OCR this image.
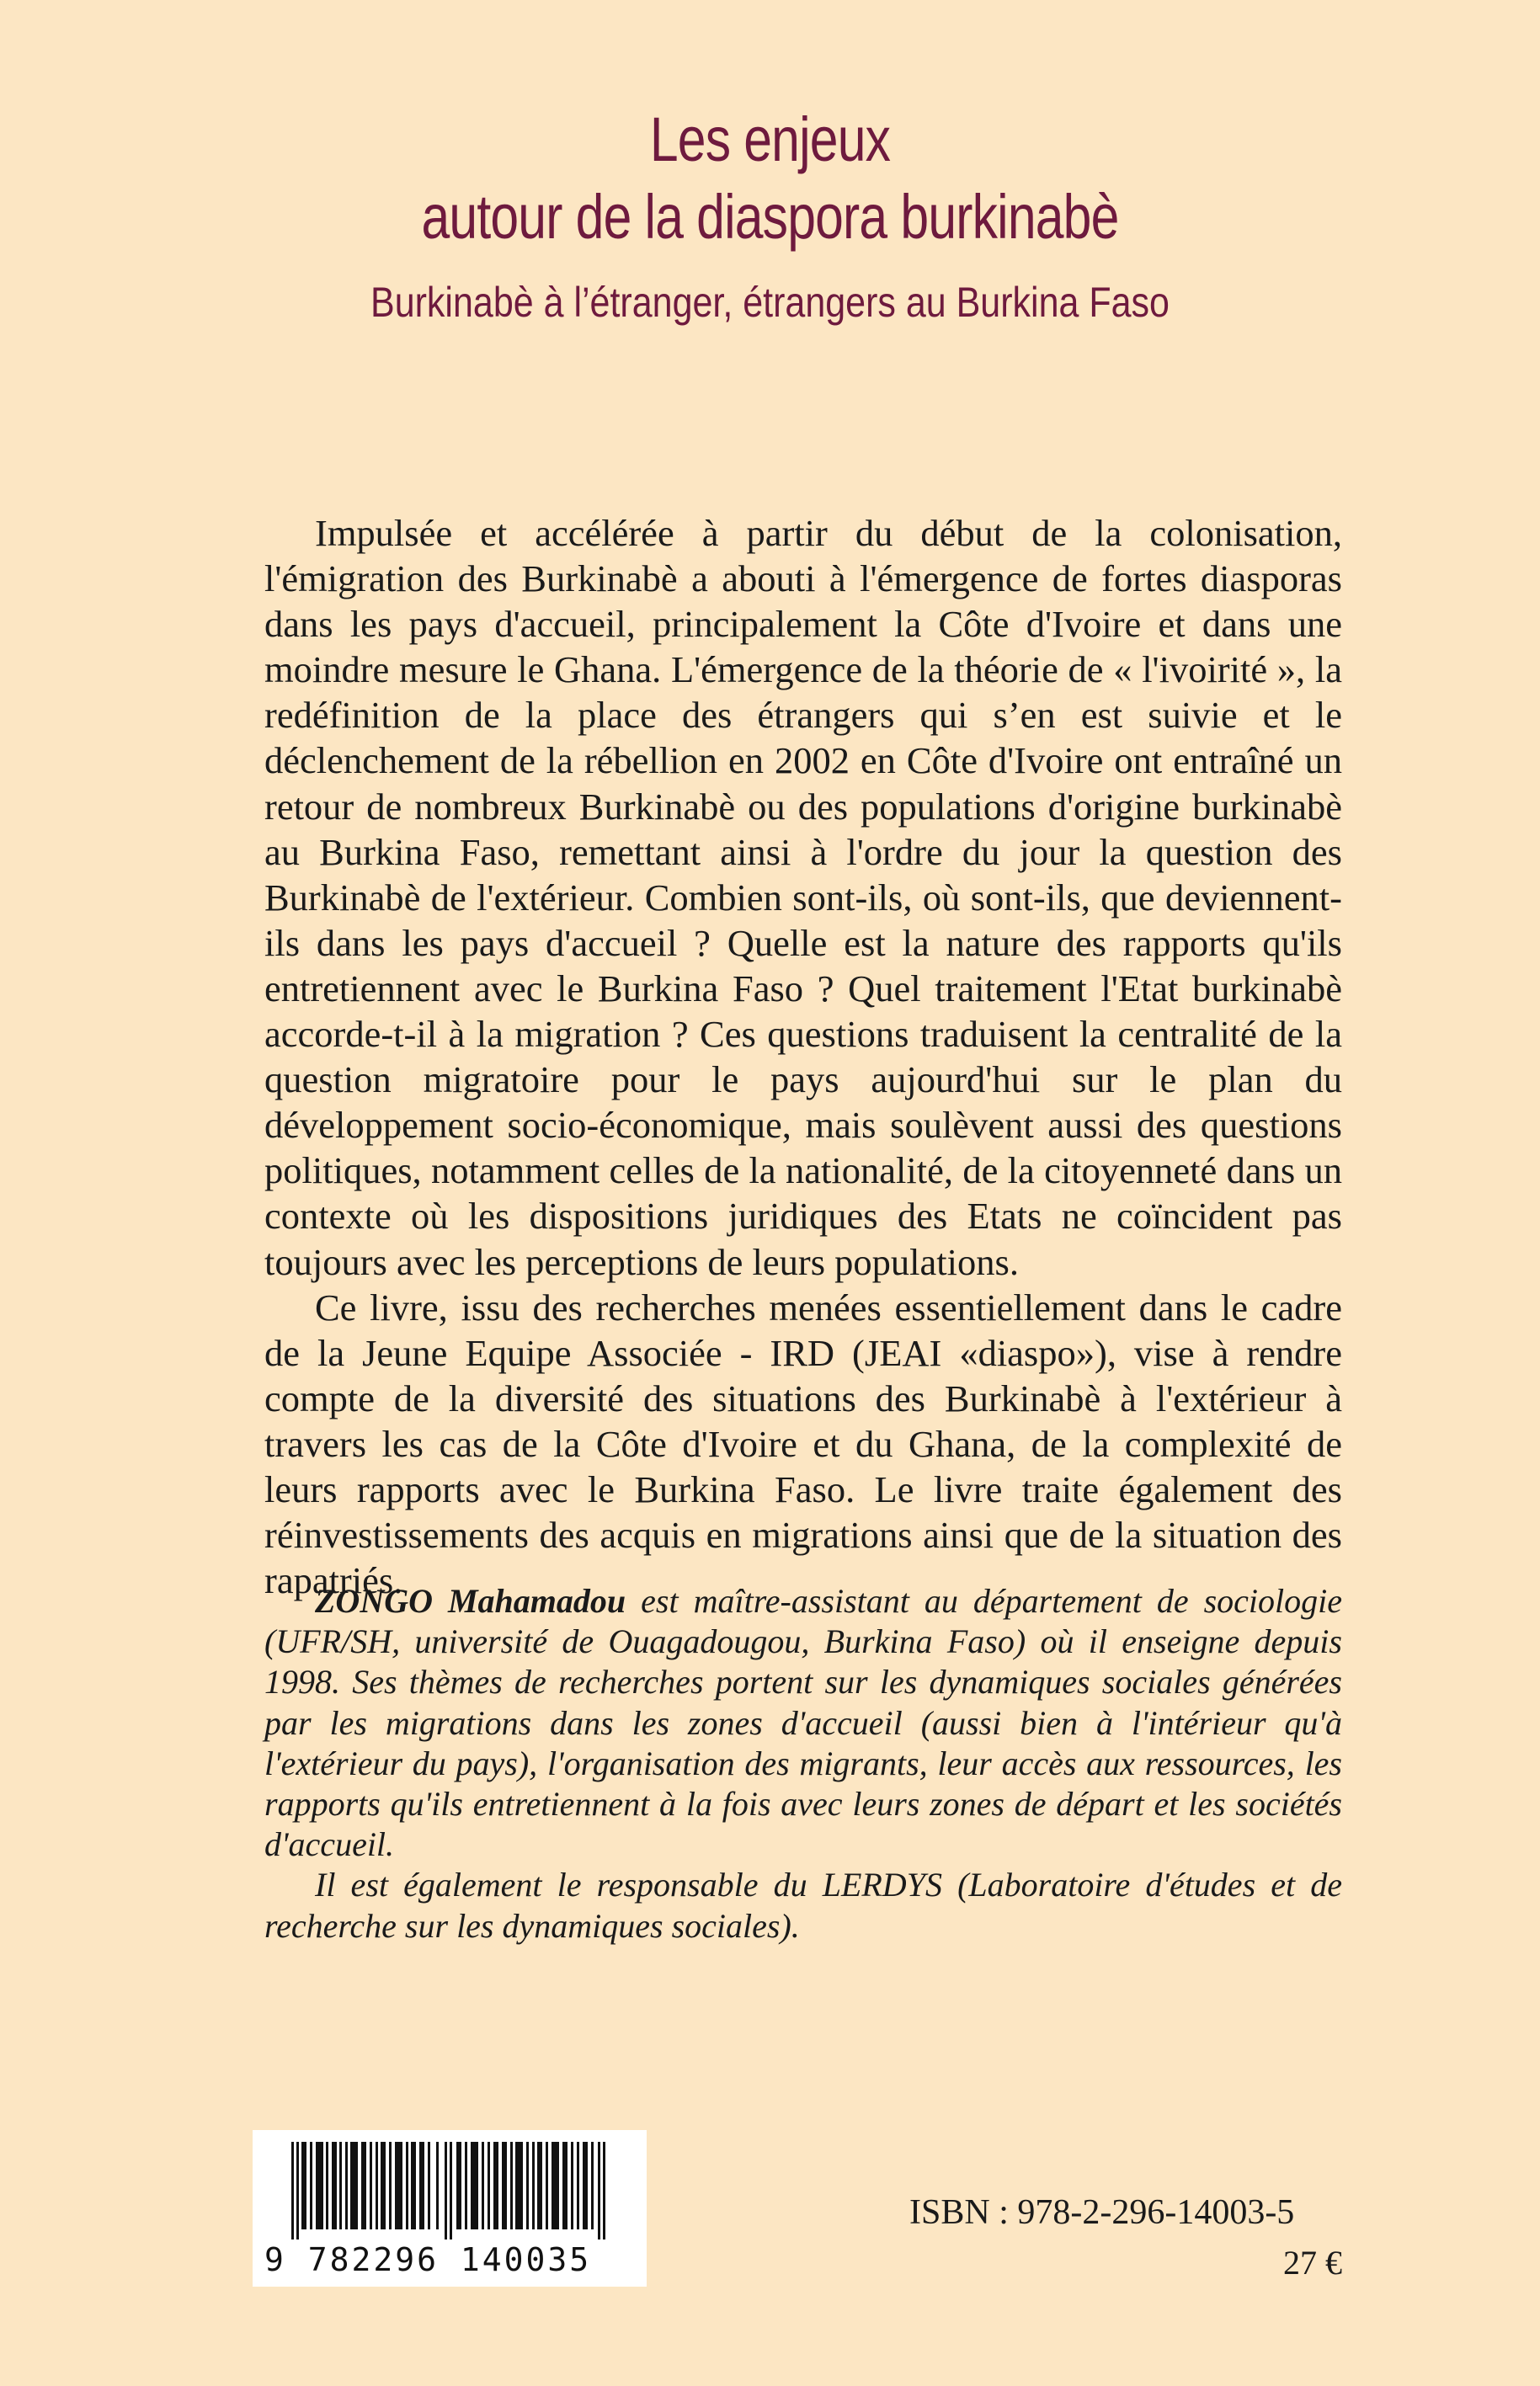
Les enjeux
autour de la diaspora burkinabè
Burkinabè à l’étranger, étrangers au Burkina Faso

Impulsée et accélérée à partir du début de la colonisation, l'émigration des Burkinabè a abouti à l'émergence de fortes diasporas dans les pays d'accueil, principalement la Côte d'Ivoire et dans une moindre mesure le Ghana. L'émergence de la théorie de « l'ivoirité », la redéfinition de la place des étrangers qui s’en est suivie et le déclenchement de la rébellion en 2002 en Côte d'Ivoire ont entraîné un retour de nombreux Burkinabè ou des populations d'origine burkinabè au Burkina Faso, remettant ainsi à l'ordre du jour la question des Burkinabè de l'extérieur. Combien sont-ils, où sont-ils, que deviennent-ils dans les pays d'accueil ? Quelle est la nature des rapports qu'ils entretiennent avec le Burkina Faso ? Quel traitement l'Etat burkinabè accorde-t-il à la migration ? Ces questions traduisent la centralité de la question migratoire pour le pays aujourd'hui sur le plan du développement socio-économique, mais soulèvent aussi des questions politiques, notamment celles de la nationalité, de la citoyenneté dans un contexte où les dispositions juridiques des Etats ne coïncident pas toujours avec les perceptions de leurs populations.

Ce livre, issu des recherches menées essentiellement dans le cadre de la Jeune Equipe Associée - IRD (JEAI «diaspo»), vise à rendre compte de la diversité des situations des Burkinabè à l'extérieur à travers les cas de la Côte d'Ivoire et du Ghana, de la complexité de leurs rapports avec le Burkina Faso. Le livre traite également des réinvestissements des acquis en migrations ainsi que de la situation des rapatriés.

ZONGO Mahamadou est maître-assistant au département de sociologie (UFR/SH, université de Ouagadougou, Burkina Faso) où il enseigne depuis 1998. Ses thèmes de recherches portent sur les dynamiques sociales générées par les migrations dans les zones d'accueil (aussi bien à l'intérieur qu'à l'extérieur du pays), l'organisation des migrants, leur accès aux ressources, les rapports qu'ils entretiennent à la fois avec leurs zones de départ et les sociétés d'accueil.

Il est également le responsable du LERDYS (Laboratoire d'études et de recherche sur les dynamiques sociales).

9 782296 140035
ISBN : 978-2-296-14003-5
27 €
